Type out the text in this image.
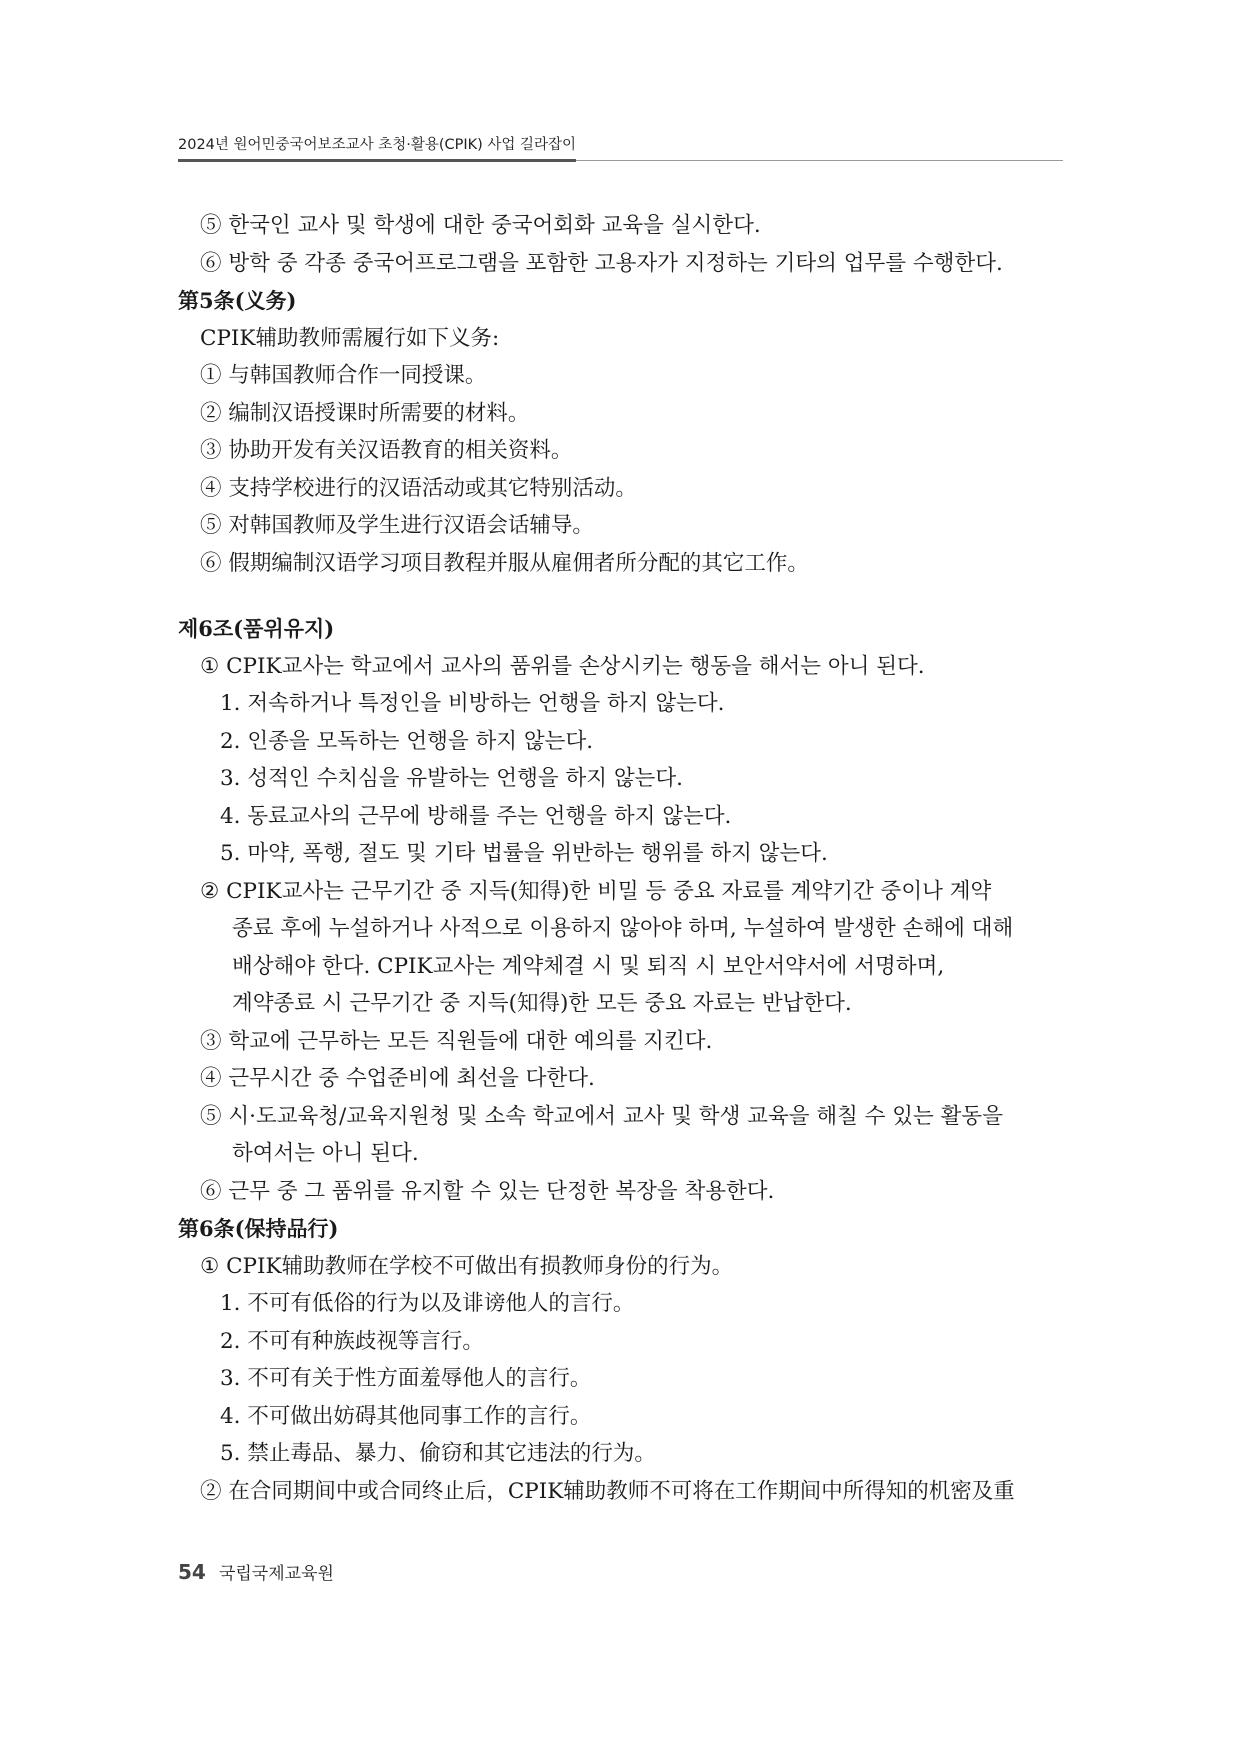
2024년 원어민중국어보조교사 초청·활용(CPIK) 사업 길라잡이
⑤ 한국인 교사 및 학생에 대한 중국어회화 교육을 실시한다.
⑥ 방학 중 각종 중국어프로그램을 포함한 고용자가 지정하는 기타의 업무를 수행한다.
第5条(义务)
CPIK辅助教师需履行如下义务:
① 与韩国教师合作一同授课。
② 编制汉语授课时所需要的材料。
③ 协助开发有关汉语教育的相关资料。
④ 支持学校进行的汉语活动或其它特别活动。
⑤ 对韩国教师及学生进行汉语会话辅导。
⑥ 假期编制汉语学习项目教程并服从雇佣者所分配的其它工作。
제6조(품위유지)
① CPIK교사는 학교에서 교사의 품위를 손상시키는 행동을 해서는 아니 된다.
1. 저속하거나 특정인을 비방하는 언행을 하지 않는다.
2. 인종을 모독하는 언행을 하지 않는다.
3. 성적인 수치심을 유발하는 언행을 하지 않는다.
4. 동료교사의 근무에 방해를 주는 언행을 하지 않는다.
5. 마약, 폭행, 절도 및 기타 법률을 위반하는 행위를 하지 않는다.
② CPIK교사는 근무기간 중 지득(知得)한 비밀 등 중요 자료를 계약기간 중이나 계약
종료 후에 누설하거나 사적으로 이용하지 않아야 하며, 누설하여 발생한 손해에 대해
배상해야 한다. CPIK교사는 계약체결 시 및 퇴직 시 보안서약서에 서명하며,
계약종료 시 근무기간 중 지득(知得)한 모든 중요 자료는 반납한다.
③ 학교에 근무하는 모든 직원들에 대한 예의를 지킨다.
④ 근무시간 중 수업준비에 최선을 다한다.
⑤ 시·도교육청/교육지원청 및 소속 학교에서 교사 및 학생 교육을 해칠 수 있는 활동을
하여서는 아니 된다.
⑥ 근무 중 그 품위를 유지할 수 있는 단정한 복장을 착용한다.
第6条(保持品行)
① CPIK辅助教师在学校不可做出有损教师身份的行为。
1. 不可有低俗的行为以及诽谤他人的言行。
2. 不可有种族歧视等言行。
3. 不可有关于性方面羞辱他人的言行。
4. 不可做出妨碍其他同事工作的言行。
5. 禁止毒品、暴力、偷窃和其它违法的行为。
② 在合同期间中或合同终止后，CPIK辅助教师不可将在工作期间中所得知的机密及重
54 국립국제교육원
